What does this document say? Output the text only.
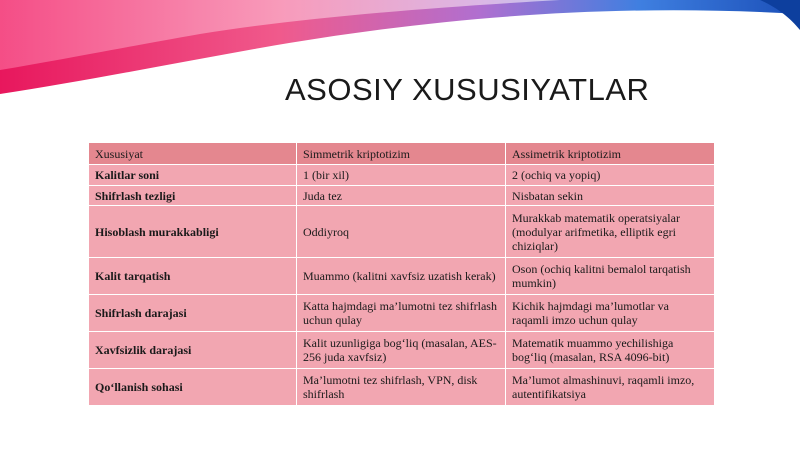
ASOSIY XUSUSIYATLAR
Xususiyat	Simmetrik kriptotizim	Assimetrik kriptotizim
Kalitlar soni	1 (bir xil)	2 (ochiq va yopiq)
Shifrlash tezligi	Juda tez	Nisbatan sekin
Hisoblash murakkabligi	Oddiyroq	Murakkab matematik operatsiyalar (modulyar arifmetika, elliptik egri chiziqlar)
Kalit tarqatish	Muammo (kalitni xavfsiz uzatish kerak)	Oson (ochiq kalitni bemalol tarqatish mumkin)
Shifrlash darajasi	Katta hajmdagi ma’lumotni tez shifrlash uchun qulay	Kichik hajmdagi ma’lumotlar va raqamli imzo uchun qulay
Xavfsizlik darajasi	Kalit uzunligiga bog‘liq (masalan, AES-256 juda xavfsiz)	Matematik muammo yechilishiga bog‘liq (masalan, RSA 4096-bit)
Qo‘llanish sohasi	Ma’lumotni tez shifrlash, VPN, disk shifrlash	Ma’lumot almashinuvi, raqamli imzo, autentifikatsiya
